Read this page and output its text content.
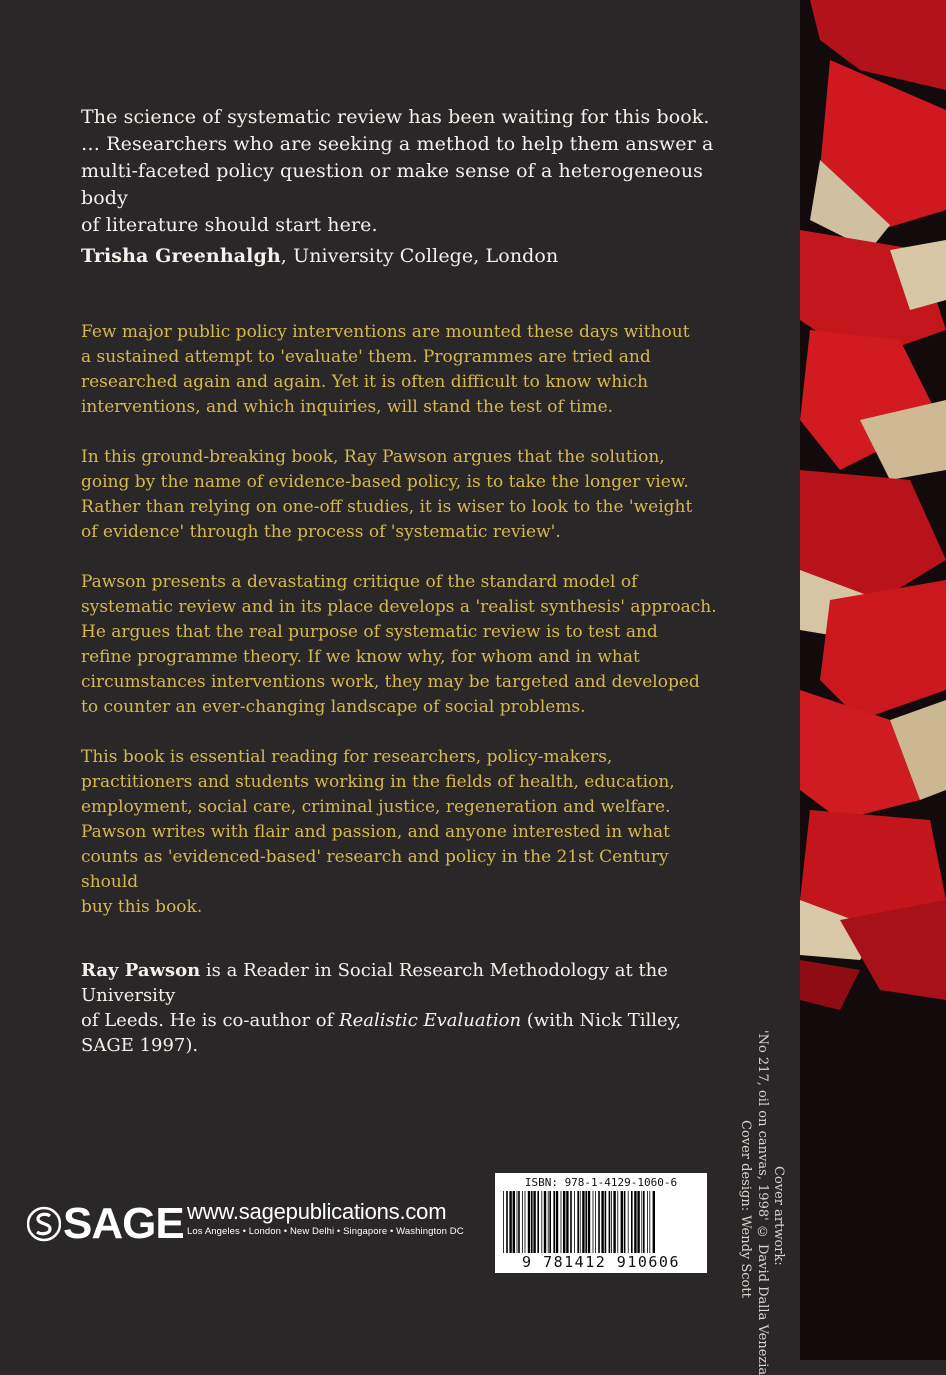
The science of systematic review has been waiting for this book.

… Researchers who are seeking a method to help them answer a

multi-faceted policy question or make sense of a heterogeneous body

of literature should start here.

Trisha Greenhalgh, University College, London

Few major public policy interventions are mounted these days without
a sustained attempt to 'evaluate' them. Programmes are tried and
researched again and again. Yet it is often difficult to know which
interventions, and which inquiries, will stand the test of time.

In this ground-breaking book, Ray Pawson argues that the solution,
going by the name of evidence-based policy, is to take the longer view.
Rather than relying on one-off studies, it is wiser to look to the 'weight
of evidence' through the process of 'systematic review'.

Pawson presents a devastating critique of the standard model of
systematic review and in its place develops a 'realist synthesis' approach.
He argues that the real purpose of systematic review is to test and
refine programme theory. If we know why, for whom and in what
circumstances interventions work, they may be targeted and developed
to counter an ever-changing landscape of social problems.

This book is essential reading for researchers, policy-makers,
practitioners and students working in the fields of health, education,
employment, social care, criminal justice, regeneration and welfare.
Pawson writes with flair and passion, and anyone interested in what
counts as 'evidenced-based' research and policy in the 21st Century should
buy this book.

Ray Pawson is a Reader in Social Research Methodology at the University
of Leeds. He is co-author of Realistic Evaluation (with Nick Tilley,
SAGE 1997).
SAGE www.sagepublications.com
Los Angeles • London • New Delhi • Singapore • Washington DC
ISBN: 978-1-4129-1060-6
9 781412 910606	Cover artwork:
'No 217, oil on canvas, 1998' © David Dalla Venezia
Cover design: Wendy Scott
